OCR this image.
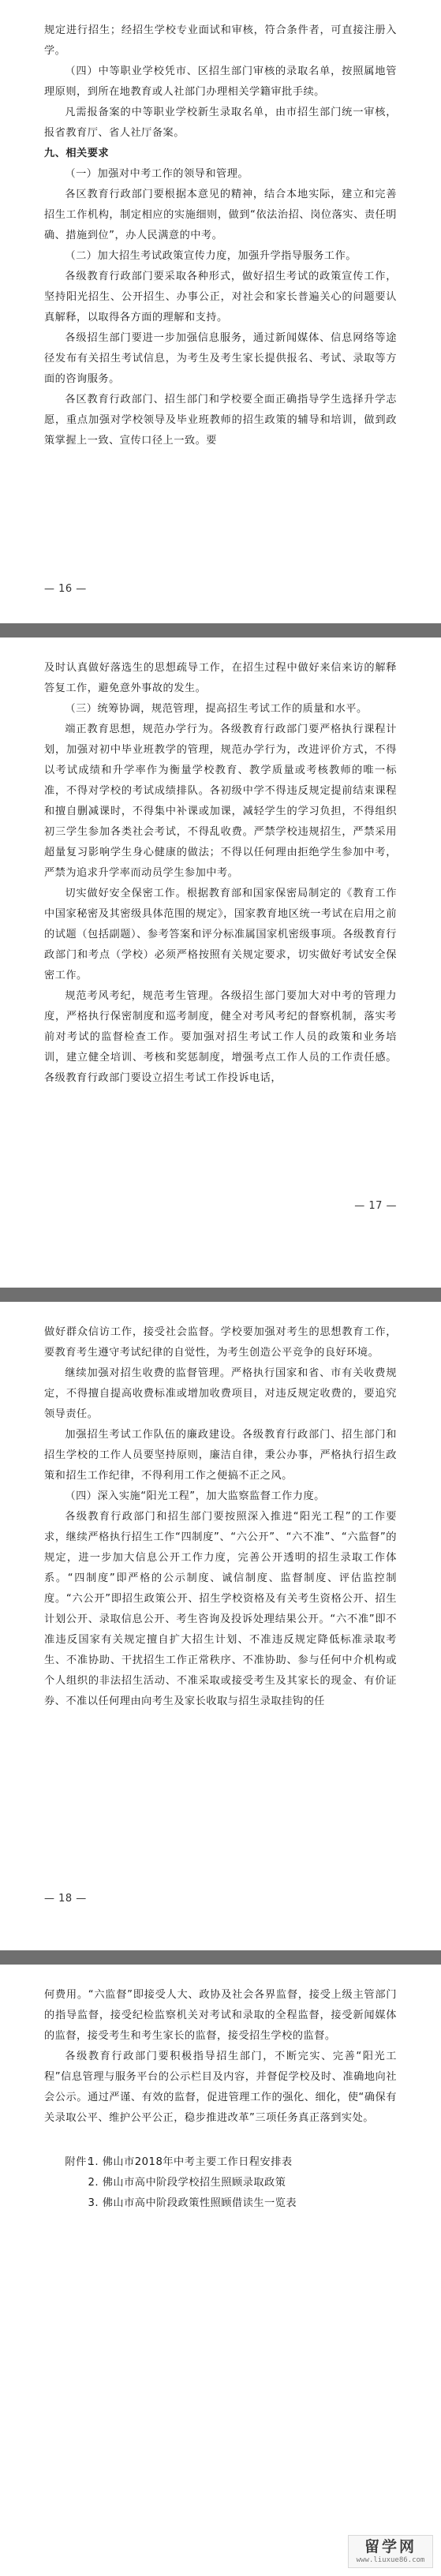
规定进行招生；经招生学校专业面试和审核，符合条件者，可直接注册入学。

（四）中等职业学校凭市、区招生部门审核的录取名单，按照属地管理原则，到所在地教育或人社部门办理相关学籍审批手续。

凡需报备案的中等职业学校新生录取名单，由市招生部门统一审核，报省教育厅、省人社厅备案。

九、相关要求

（一）加强对中考工作的领导和管理。

各区教育行政部门要根据本意见的精神，结合本地实际，建立和完善招生工作机构，制定相应的实施细则，做到“依法治招、岗位落实、责任明确、措施到位”，办人民满意的中考。

（二）加大招生考试政策宣传力度，加强升学指导服务工作。

各级教育行政部门要采取各种形式，做好招生考试的政策宣传工作，坚持阳光招生、公开招生、办事公正，对社会和家长普遍关心的问题要认真解释，以取得各方面的理解和支持。

各级招生部门要进一步加强信息服务，通过新闻媒体、信息网络等途径发布有关招生考试信息，为考生及考生家长提供报名、考试、录取等方面的咨询服务。

各区教育行政部门、招生部门和学校要全面正确指导学生选择升学志愿，重点加强对学校领导及毕业班教师的招生政策的辅导和培训，做到政策掌握上一致、宣传口径上一致。要

— 16 —

及时认真做好落选生的思想疏导工作，在招生过程中做好来信来访的解释答复工作，避免意外事故的发生。

（三）统筹协调，规范管理，提高招生考试工作的质量和水平。

端正教育思想，规范办学行为。各级教育行政部门要严格执行课程计划，加强对初中毕业班教学的管理，规范办学行为，改进评价方式，不得以考试成绩和升学率作为衡量学校教育、教学质量或考核教师的唯一标准，不得对学校的考试成绩排队。各初级中学不得违反规定提前结束课程和擅自删减课时，不得集中补课或加课，减轻学生的学习负担，不得组织初三学生参加各类社会考试，不得乱收费。严禁学校违规招生，严禁采用超量复习影响学生身心健康的做法；不得以任何理由拒绝学生参加中考，严禁为追求升学率而动员学生参加中考。

切实做好安全保密工作。根据教育部和国家保密局制定的《教育工作中国家秘密及其密级具体范围的规定》，国家教育地区统一考试在启用之前的试题（包括副题）、参考答案和评分标准属国家机密级事项。各级教育行政部门和考点（学校）必须严格按照有关规定要求，切实做好考试安全保密工作。

规范考风考纪，规范考生管理。各级招生部门要加大对中考的管理力度，严格执行保密制度和巡考制度，健全对考风考纪的督察机制，落实考前对考试的监督检查工作。要加强对招生考试工作人员的政策和业务培训，建立健全培训、考核和奖惩制度，增强考点工作人员的工作责任感。各级教育行政部门要设立招生考试工作投诉电话，

— 17 —

做好群众信访工作，接受社会监督。学校要加强对考生的思想教育工作，要教育考生遵守考试纪律的自觉性，为考生创造公平竞争的良好环境。

继续加强对招生收费的监督管理。严格执行国家和省、市有关收费规定，不得擅自提高收费标准或增加收费项目，对违反规定收费的，要追究领导责任。

加强招生考试工作队伍的廉政建设。各级教育行政部门、招生部门和招生学校的工作人员要坚持原则，廉洁自律，秉公办事，严格执行招生政策和招生工作纪律，不得利用工作之便搞不正之风。

（四）深入实施“阳光工程”，加大监察监督工作力度。

各级教育行政部门和招生部门要按照深入推进“阳光工程”的工作要求，继续严格执行招生工作“四制度”、“六公开”、“六不准”、“六监督”的规定，进一步加大信息公开工作力度，完善公开透明的招生录取工作体系。“四制度”即严格的公示制度、诚信制度、监督制度、评估监控制度。“六公开”即招生政策公开、招生学校资格及有关考生资格公开、招生计划公开、录取信息公开、考生咨询及投诉处理结果公开。“六不准”即不准违反国家有关规定擅自扩大招生计划、不准违反规定降低标准录取考生、不准协助、干扰招生工作正常秩序、不准协助、参与任何中介机构或个人组织的非法招生活动、不准采取或接受考生及其家长的现金、有价证券、不准以任何理由向考生及家长收取与招生录取挂钩的任

— 18 —

何费用。“六监督”即接受人大、政协及社会各界监督，接受上级主管部门的指导监督，接受纪检监察机关对考试和录取的全程监督，接受新闻媒体的监督，接受考生和考生家长的监督，接受招生学校的监督。

各级教育行政部门要积极指导招生部门，不断完实、完善“阳光工程”信息管理与服务平台的公示栏目及内容，并督促学校及时、准确地向社会公示。通过严谨、有效的监督，促进管理工作的强化、细化，使“确保有关录取公平、维护公平公正，稳步推进改革”三项任务真正落到实处。

附件：

1. 佛山市2018年中考主要工作日程安排表

2. 佛山市高中阶段学校招生照顾录取政策

3. 佛山市高中阶段政策性照顾借读生一览表

留学网
www.liuxue86.com
